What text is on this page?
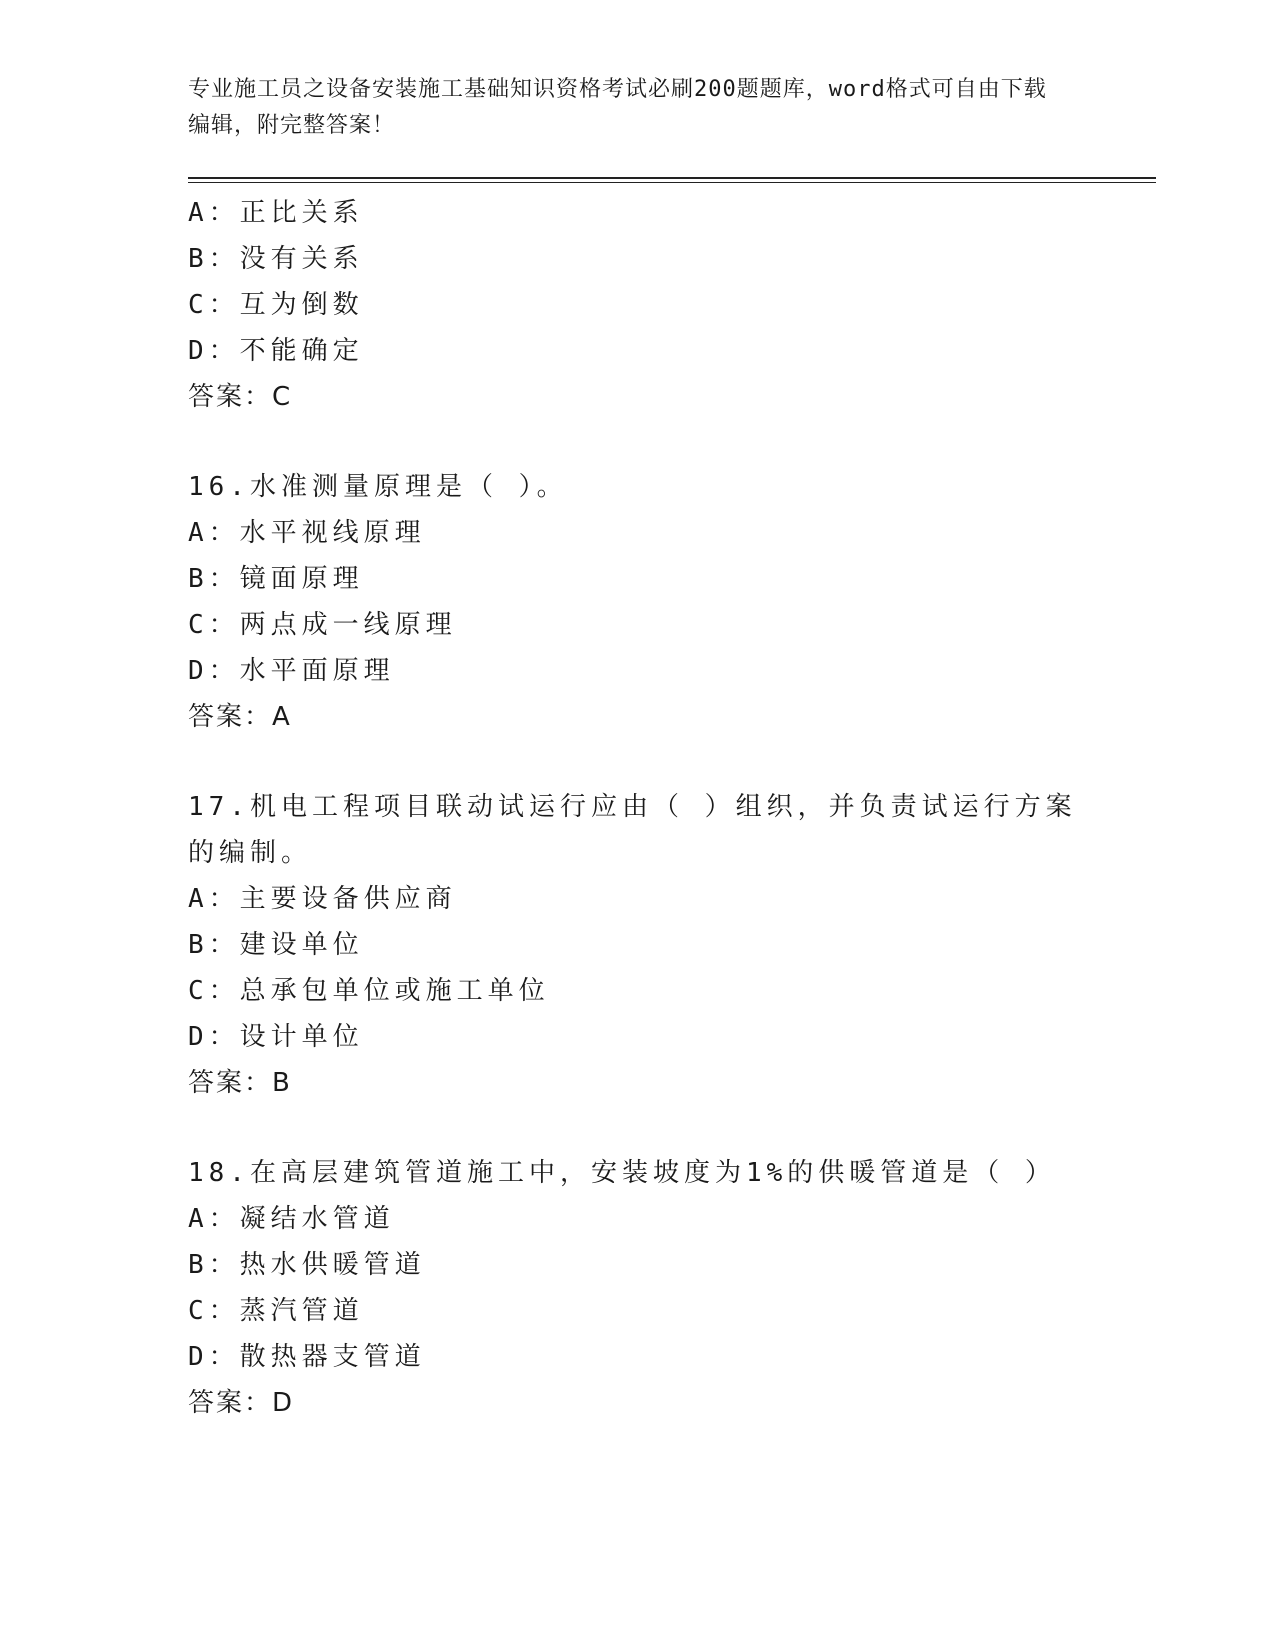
专业施工员之设备安装施工基础知识资格考试必刷200题题库，word格式可自由下载编辑，附完整答案！
A：正比关系
B：没有关系
C：互为倒数
D：不能确定
答案：C
16.水准测量原理是（ ）。
A：水平视线原理
B：镜面原理
C：两点成一线原理
D：水平面原理
答案：A
17.机电工程项目联动试运行应由（ ）组织，并负责试运行方案的编制。
A：主要设备供应商
B：建设单位
C：总承包单位或施工单位
D：设计单位
答案：B
18.在高层建筑管道施工中，安装坡度为1%的供暖管道是（ ）
A：凝结水管道
B：热水供暖管道
C：蒸汽管道
D：散热器支管道
答案：D
